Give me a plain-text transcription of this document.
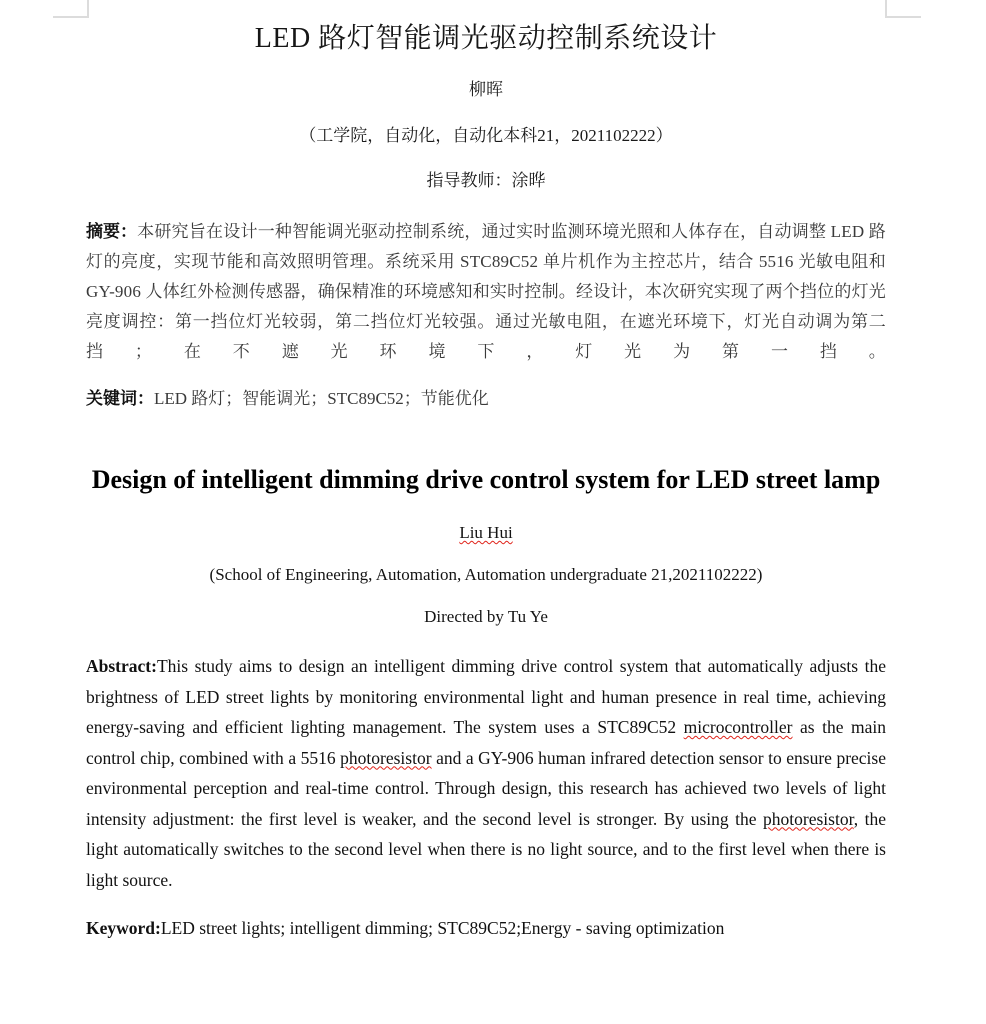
LED 路灯智能调光驱动控制系统设计
柳晖
（工学院，自动化，自动化本科21，2021102222）
指导教师：涂晔

摘要：本研究旨在设计一种智能调光驱动控制系统，通过实时监测环境光照和人体存在，自动调整 LED 路灯的亮度，实现节能和高效照明管理。系统采用 STC89C52 单片机作为主控芯片，结合 5516 光敏电阻和 GY-906 人体红外检测传感器，确保精准的环境感知和实时控制。经设计，本次研究实现了两个挡位的灯光亮度调控：第一挡位灯光较弱，第二挡位灯光较强。通过光敏电阻，在遮光环境下，灯光自动调为第二挡；在不遮光环境下，灯光为第一挡。

关键词：LED 路灯；智能调光；STC89C52；节能优化

Design of intelligent dimming drive control system for LED street lamp
Liu Hui
(School of Engineering, Automation, Automation undergraduate 21,2021102222)
Directed by Tu Ye

Abstract:This study aims to design an intelligent dimming drive control system that automatically adjusts the brightness of LED street lights by monitoring environmental light and human presence in real time, achieving energy-saving and efficient lighting management. The system uses a STC89C52 microcontroller as the main control chip, combined with a 5516 photoresistor and a GY-906 human infrared detection sensor to ensure precise environmental perception and real-time control. Through design, this research has achieved two levels of light intensity adjustment: the first level is weaker, and the second level is stronger. By using the photoresistor, the light automatically switches to the second level when there is no light source, and to the first level when there is light source.

Keyword:LED street lights; intelligent dimming; STC89C52;Energy - saving optimization
